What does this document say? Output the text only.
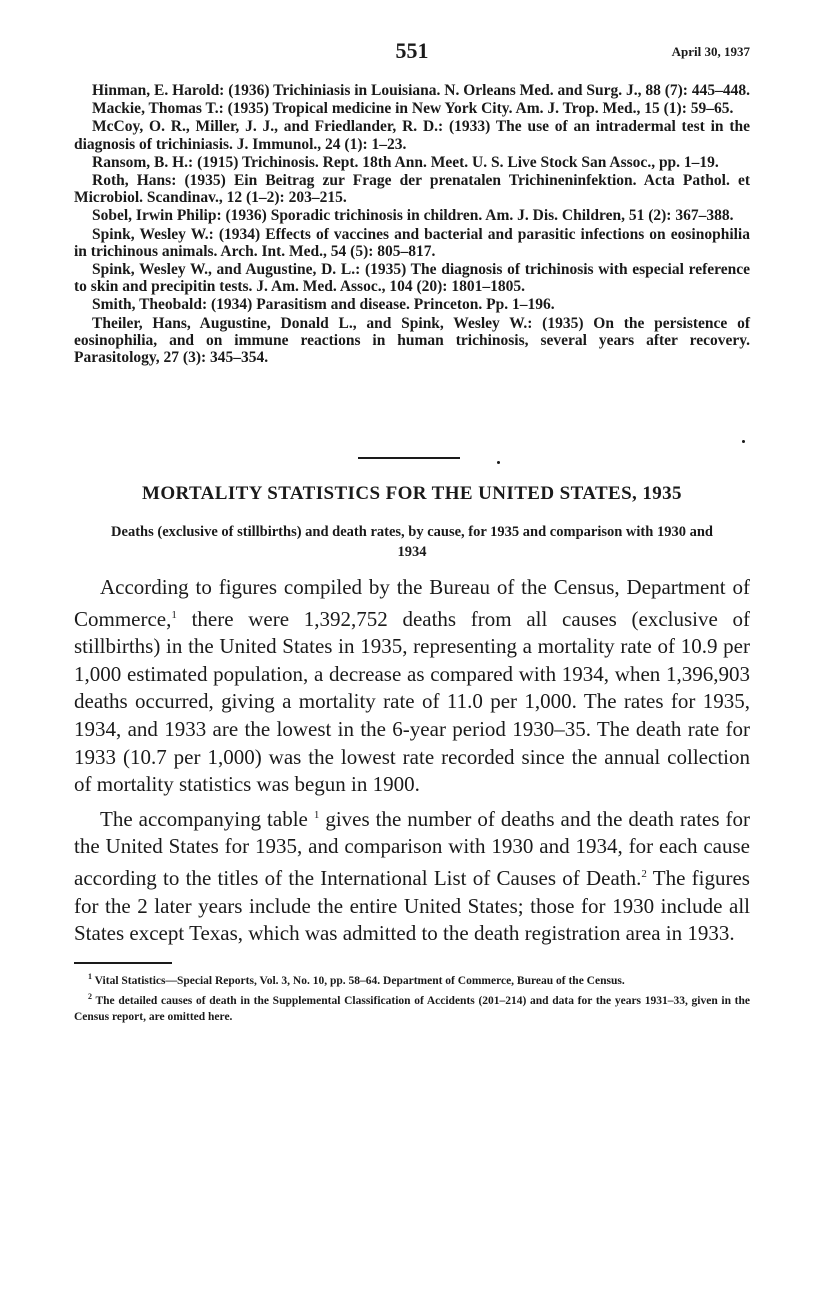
551	April 30, 1937

Hinman, E. Harold: (1936) Trichiniasis in Louisiana. N. Orleans Med. and Surg. J., 88 (7): 445–448.

Mackie, Thomas T.: (1935) Tropical medicine in New York City. Am. J. Trop. Med., 15 (1): 59–65.

McCoy, O. R., Miller, J. J., and Friedlander, R. D.: (1933) The use of an intradermal test in the diagnosis of trichiniasis. J. Immunol., 24 (1): 1–23.

Ransom, B. H.: (1915) Trichinosis. Rept. 18th Ann. Meet. U. S. Live Stock San Assoc., pp. 1–19.

Roth, Hans: (1935) Ein Beitrag zur Frage der prenatalen Trichineninfektion. Acta Pathol. et Microbiol. Scandinav., 12 (1–2): 203–215.

Sobel, Irwin Philip: (1936) Sporadic trichinosis in children. Am. J. Dis. Children, 51 (2): 367–388.

Spink, Wesley W.: (1934) Effects of vaccines and bacterial and parasitic infections on eosinophilia in trichinous animals. Arch. Int. Med., 54 (5): 805–817.

Spink, Wesley W., and Augustine, D. L.: (1935) The diagnosis of trichinosis with especial reference to skin and precipitin tests. J. Am. Med. Assoc., 104 (20): 1801–1805.

Smith, Theobald: (1934) Parasitism and disease. Princeton. Pp. 1–196.

Theiler, Hans, Augustine, Donald L., and Spink, Wesley W.: (1935) On the persistence of eosinophilia, and on immune reactions in human trichinosis, several years after recovery. Parasitology, 27 (3): 345–354.

MORTALITY STATISTICS FOR THE UNITED STATES, 1935
Deaths (exclusive of stillbirths) and death rates, by cause, for 1935 and comparison with 1930 and 1934

According to figures compiled by the Bureau of the Census, Department of Commerce,$^1$ there were 1,392,752 deaths from all causes (exclusive of stillbirths) in the United States in 1935, representing a mortality rate of 10.9 per 1,000 estimated population, a decrease as compared with 1934, when 1,396,903 deaths occurred, giving a mortality rate of 11.0 per 1,000. The rates for 1935, 1934, and 1933 are the lowest in the 6-year period 1930–35. The death rate for 1933 (10.7 per 1,000) was the lowest rate recorded since the annual collection of mortality statistics was begun in 1900.

The accompanying table $^1$ gives the number of deaths and the death rates for the United States for 1935, and comparison with 1930 and 1934, for each cause according to the titles of the International List of Causes of Death.$^2$ The figures for the 2 later years include the entire United States; those for 1930 include all States except Texas, which was admitted to the death registration area in 1933.

$^1$ Vital Statistics—Special Reports, Vol. 3, No. 10, pp. 58–64. Department of Commerce, Bureau of the Census.

$^2$ The detailed causes of death in the Supplemental Classification of Accidents (201–214) and data for the years 1931–33, given in the Census report, are omitted here.
